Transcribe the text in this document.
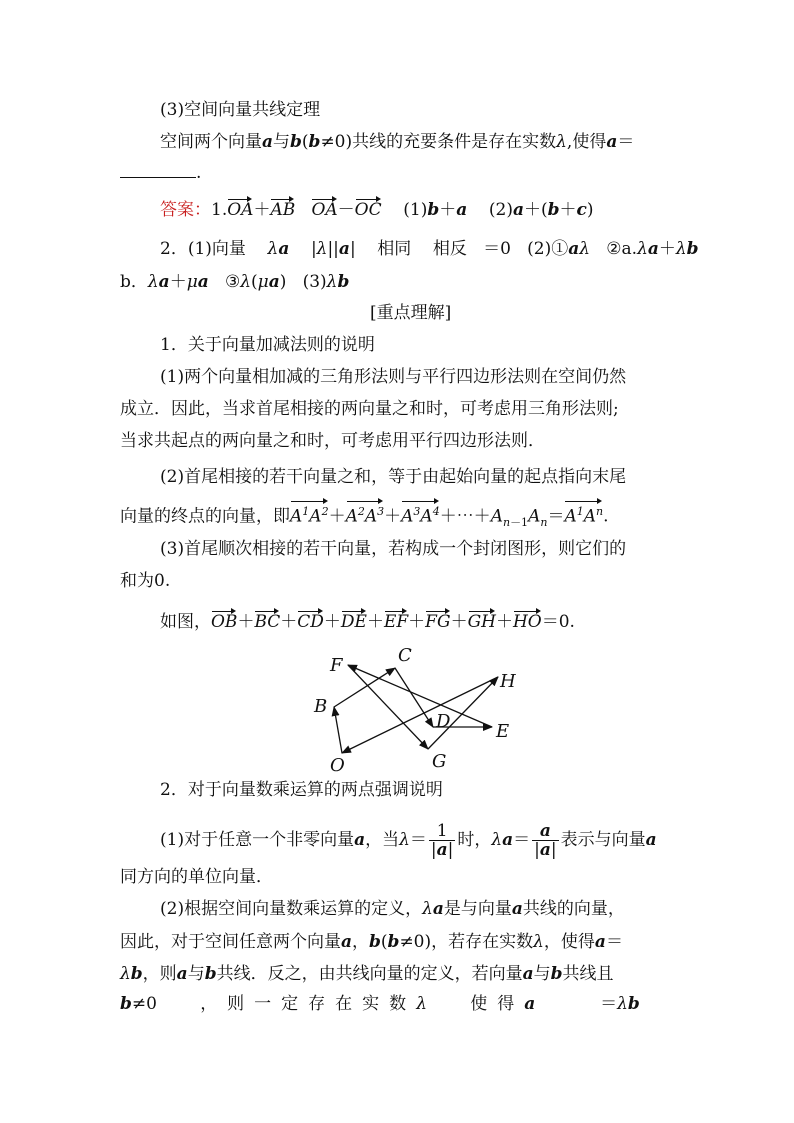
(3)空间向量共线定理
空间两个向量a与b(b≠0)共线的充要条件是存在实数λ,使得a＝
.
答案：1.OA＋AB OA－OC (1)b＋a (2)a＋(b＋c)
2．(1)向量 λa    |λ||a|    相同 相反 ＝0 (2)①aλ ②a.λa＋λb
b．λa＋μa ③λ(μa)   (3)λb
[重点理解]
1．关于向量加减法则的说明
(1)两个向量相加减的三角形法则与平行四边形法则在空间仍然
成立．因此，当求首尾相接的两向量之和时，可考虑用三角形法则;
当求共起点的两向量之和时，可考虑用平行四边形法则．
(2)首尾相接的若干向量之和，等于由起始向量的起点指向末尾
向量的终点的向量，即$A^1A^2+A^2A^3+A^3A^4+\cdots+A_{n-1}A_n=A^1A^n$.
(3)首尾顺次相接的若干向量，若构成一个封闭图形，则它们的
和为0.
如图，OB＋BC＋CD＋DE＋EF＋FG＋GH＋HO＝0.
F	C
H
B
D	E
O	G
2．对于向量数乘运算的两点强调说明
(1)对于任意一个非零向量a，当$\lambda= \frac{1}{|a|}$ 时，$\lambda a= \frac{a}{|a|}$ 表示与向量a
同方向的单位向量．
(2)根据空间向量数乘运算的定义，λa是与向量a共线的向量，
因此，对于空间任意两个向量a，b(b≠0)，若存在实数λ，使得a＝
λb，则a与b共线．反之，由共线向量的定义，若向量a与b共线且
b≠0        ，则一定存在实数λ	使得a            ＝λb
